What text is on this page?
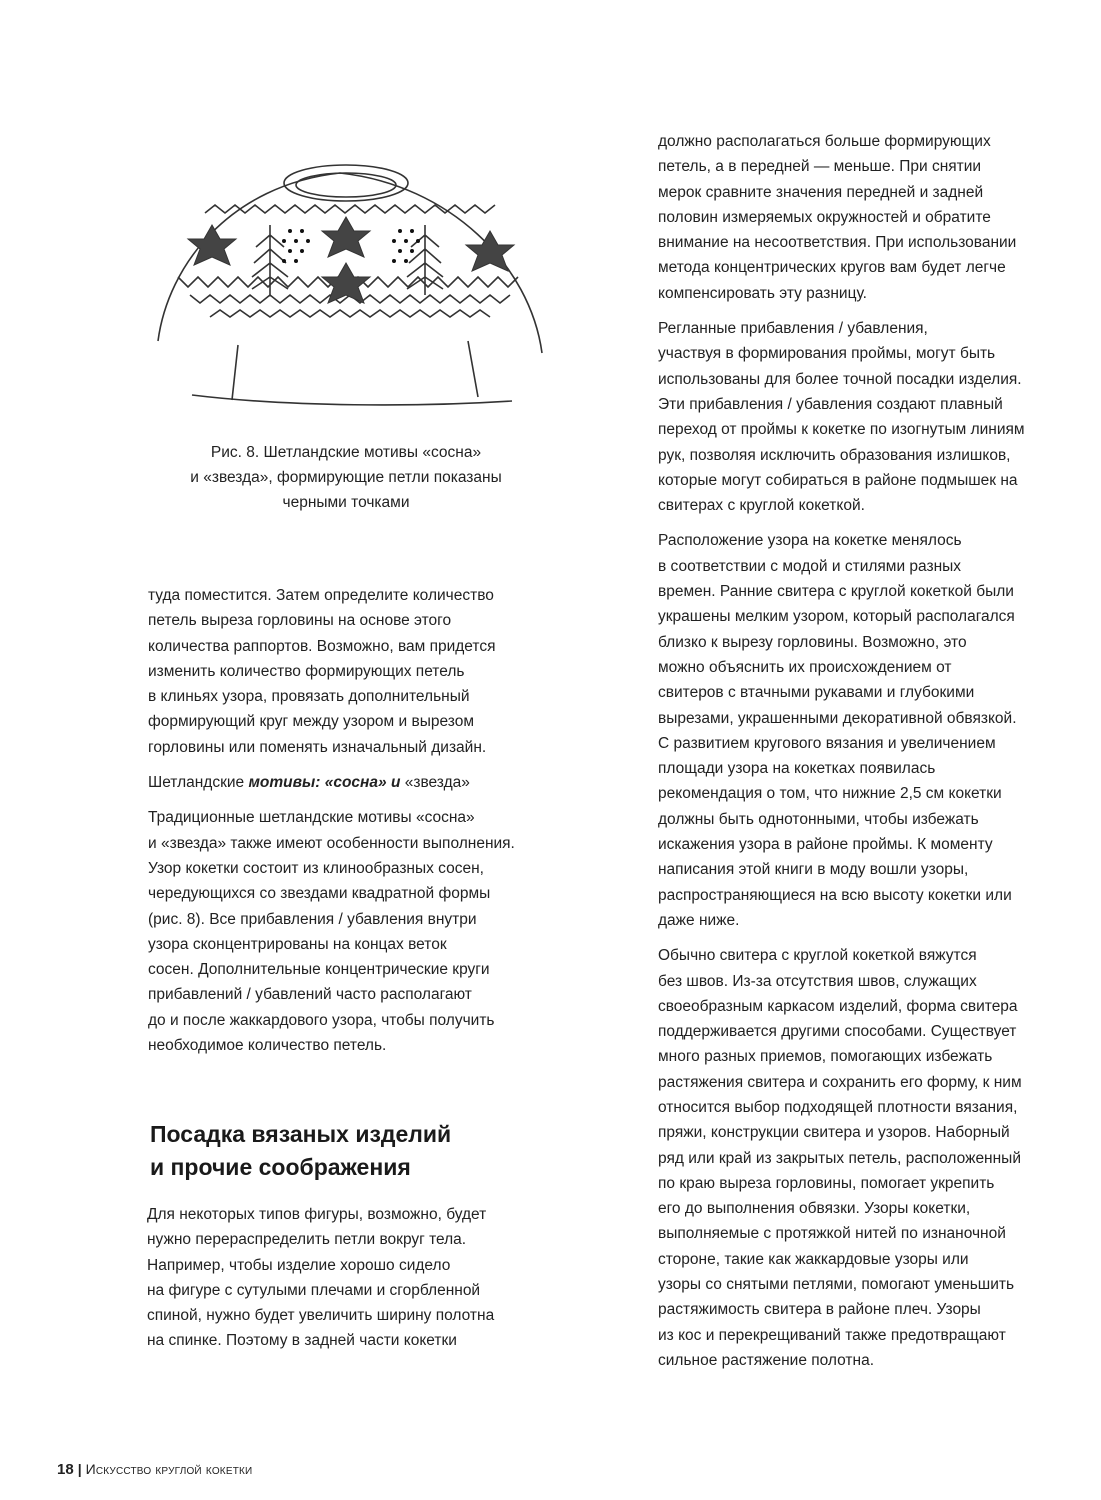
Рис. 8. Шетландские мотивы «сосна»
и «звезда», формирующие петли показаны
черными точками

туда поместится. Затем определите количество
петель выреза горловины на основе этого
количества раппортов. Возможно, вам придется
изменить количество формирующих петель
в клиньях узора, провязать дополнительный
формирующий круг между узором и вырезом
горловины или поменять изначальный дизайн.

Шетландские мотивы: «сосна» и «звезда»

Традиционные шетландские мотивы «сосна»
и «звезда» также имеют особенности выполнения.
Узор кокетки состоит из клинообразных сосен,
чередующихся со звездами квадратной формы
(рис. 8). Все прибавления / убавления внутри
узора сконцентрированы на концах веток
сосен. Дополнительные концентрические круги
прибавлений / убавлений часто располагают
до и после жаккардового узора, чтобы получить
необходимое количество петель.

Посадка вязаных изделий
и прочие соображения

Для некоторых типов фигуры, возможно, будет
нужно перераспределить петли вокруг тела.
Например, чтобы изделие хорошо сидело
на фигуре с сутулыми плечами и сгорбленной
спиной, нужно будет увеличить ширину полотна
на спинке. Поэтому в задней части кокетки

должно располагаться больше формирующих
петель, а в передней — меньше. При снятии
мерок сравните значения передней и задней
половин измеряемых окружностей и обратите
внимание на несоответствия. При использовании
метода концентрических кругов вам будет легче
компенсировать эту разницу.

Регланные прибавления / убавления,
участвуя в формирования проймы, могут быть
использованы для более точной посадки изделия.
Эти прибавления / убавления создают плавный
переход от проймы к кокетке по изогнутым линиям
рук, позволяя исключить образования излишков,
которые могут собираться в районе подмышек на
свитерах с круглой кокеткой.

Расположение узора на кокетке менялось
в соответствии с модой и стилями разных
времен. Ранние свитера с круглой кокеткой были
украшены мелким узором, который располагался
близко к вырезу горловины. Возможно, это
можно объяснить их происхождением от
свитеров с втачными рукавами и глубокими
вырезами, украшенными декоративной обвязкой.
С развитием кругового вязания и увеличением
площади узора на кокетках появилась
рекомендация о том, что нижние 2,5 см кокетки
должны быть однотонными, чтобы избежать
искажения узора в районе проймы. К моменту
написания этой книги в моду вошли узоры,
распространяющиеся на всю высоту кокетки или
даже ниже.

Обычно свитера с круглой кокеткой вяжутся
без швов. Из-за отсутствия швов, служащих
своеобразным каркасом изделий, форма свитера
поддерживается другими способами. Существует
много разных приемов, помогающих избежать
растяжения свитера и сохранить его форму, к ним
относится выбор подходящей плотности вязания,
пряжи, конструкции свитера и узоров. Наборный
ряд или край из закрытых петель, расположенный
по краю выреза горловины, помогает укрепить
его до выполнения обвязки. Узоры кокетки,
выполняемые с протяжкой нитей по изнаночной
стороне, такие как жаккардовые узоры или
узоры со снятыми петлями, помогают уменьшить
растяжимость свитера в районе плеч. Узоры
из кос и перекрещиваний также предотвращают
сильное растяжение полотна.

18 | Искусство круглой кокетки
